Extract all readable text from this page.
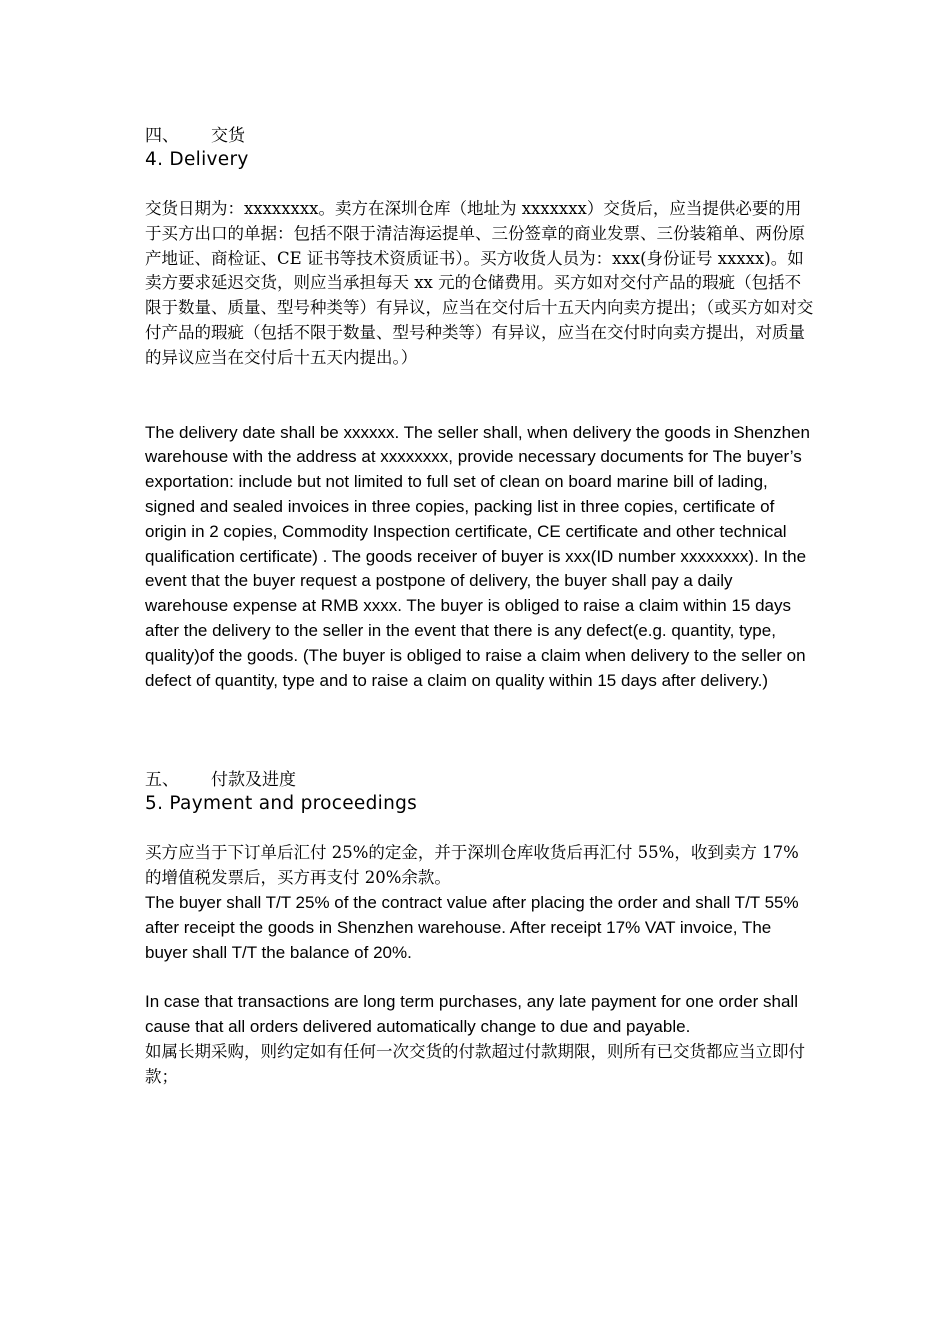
四、 交货

4. Delivery

交货日期为：xxxxxxxx。卖方在深圳仓库（地址为 xxxxxxx）交货后，应当提供必要的用于买方出口的单据：包括不限于清洁海运提单、三份签章的商业发票、三份装箱单、两份原产地证、商检证、CE 证书等技术资质证书）。买方收货人员为：xxx(身份证号 xxxxx)。如卖方要求延迟交货，则应当承担每天 xx 元的仓储费用。买方如对交付产品的瑕疵（包括不限于数量、质量、型号种类等）有异议，应当在交付后十五天内向卖方提出；（或买方如对交付产品的瑕疵（包括不限于数量、型号种类等）有异议，应当在交付时向卖方提出，对质量的异议应当在交付后十五天内提出。）

The delivery date shall be xxxxxx. The seller shall, when delivery the goods in Shenzhen warehouse with the address at xxxxxxxx, provide necessary documents for The buyer’s exportation: include but not limited to full set of clean on board marine bill of lading, signed and sealed invoices in three copies, packing list in three copies, certificate of origin in 2 copies, Commodity Inspection certificate, CE certificate and other technical qualification certificate) . The goods receiver of buyer is xxx(ID number xxxxxxxx). In the event that the buyer request a postpone of delivery, the buyer shall pay a daily warehouse expense at RMB xxxx. The buyer is obliged to raise a claim within 15 days after the delivery to the seller in the event that there is any defect(e.g. quantity, type, quality)of the goods. (The buyer is obliged to raise a claim when delivery to the seller on defect of quantity, type and to raise a claim on quality within 15 days after delivery.)

五、 付款及进度

5. Payment and proceedings

买方应当于下订单后汇付 25%的定金，并于深圳仓库收货后再汇付 55%，收到卖方 17%的增值税发票后，买方再支付 20%余款。

The buyer shall T/T 25% of the contract value after placing the order and shall T/T 55% after receipt the goods in Shenzhen warehouse. After receipt 17% VAT invoice, The buyer shall T/T the balance of 20%.

In case that transactions are long term purchases, any late payment for one order shall cause that all orders delivered automatically change to due and payable.

如属长期采购，则约定如有任何一次交货的付款超过付款期限，则所有已交货都应当立即付款；
